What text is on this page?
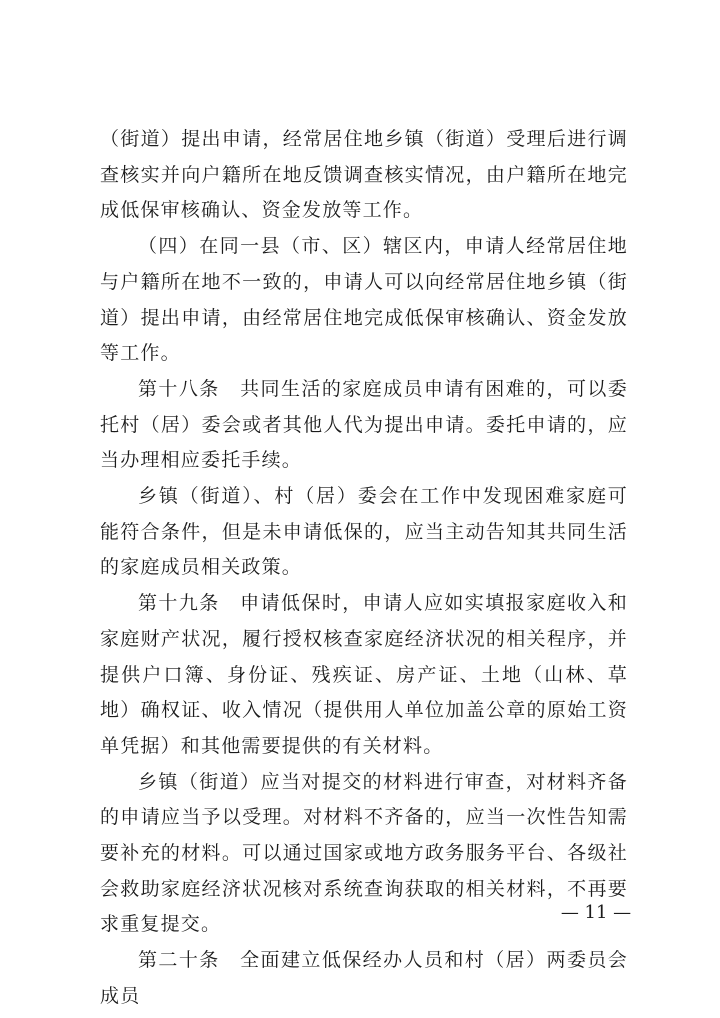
（街道）提出申请，经常居住地乡镇（街道）受理后进行调查核实并向户籍所在地反馈调查核实情况，由户籍所在地完成低保审核确认、资金发放等工作。

（四）在同一县（市、区）辖区内，申请人经常居住地与户籍所在地不一致的，申请人可以向经常居住地乡镇（街道）提出申请，由经常居住地完成低保审核确认、资金发放等工作。

第十八条　共同生活的家庭成员申请有困难的，可以委托村（居）委会或者其他人代为提出申请。委托申请的，应当办理相应委托手续。

乡镇（街道）、村（居）委会在工作中发现困难家庭可能符合条件，但是未申请低保的，应当主动告知其共同生活的家庭成员相关政策。

第十九条　申请低保时，申请人应如实填报家庭收入和家庭财产状况，履行授权核查家庭经济状况的相关程序，并提供户口簿、身份证、残疾证、房产证、土地（山林、草地）确权证、收入情况（提供用人单位加盖公章的原始工资单凭据）和其他需要提供的有关材料。

乡镇（街道）应当对提交的材料进行审查，对材料齐备的申请应当予以受理。对材料不齐备的，应当一次性告知需要补充的材料。可以通过国家或地方政务服务平台、各级社会救助家庭经济状况核对系统查询获取的相关材料，不再要求重复提交。

第二十条　全面建立低保经办人员和村（居）两委员会成员

— 11 —
